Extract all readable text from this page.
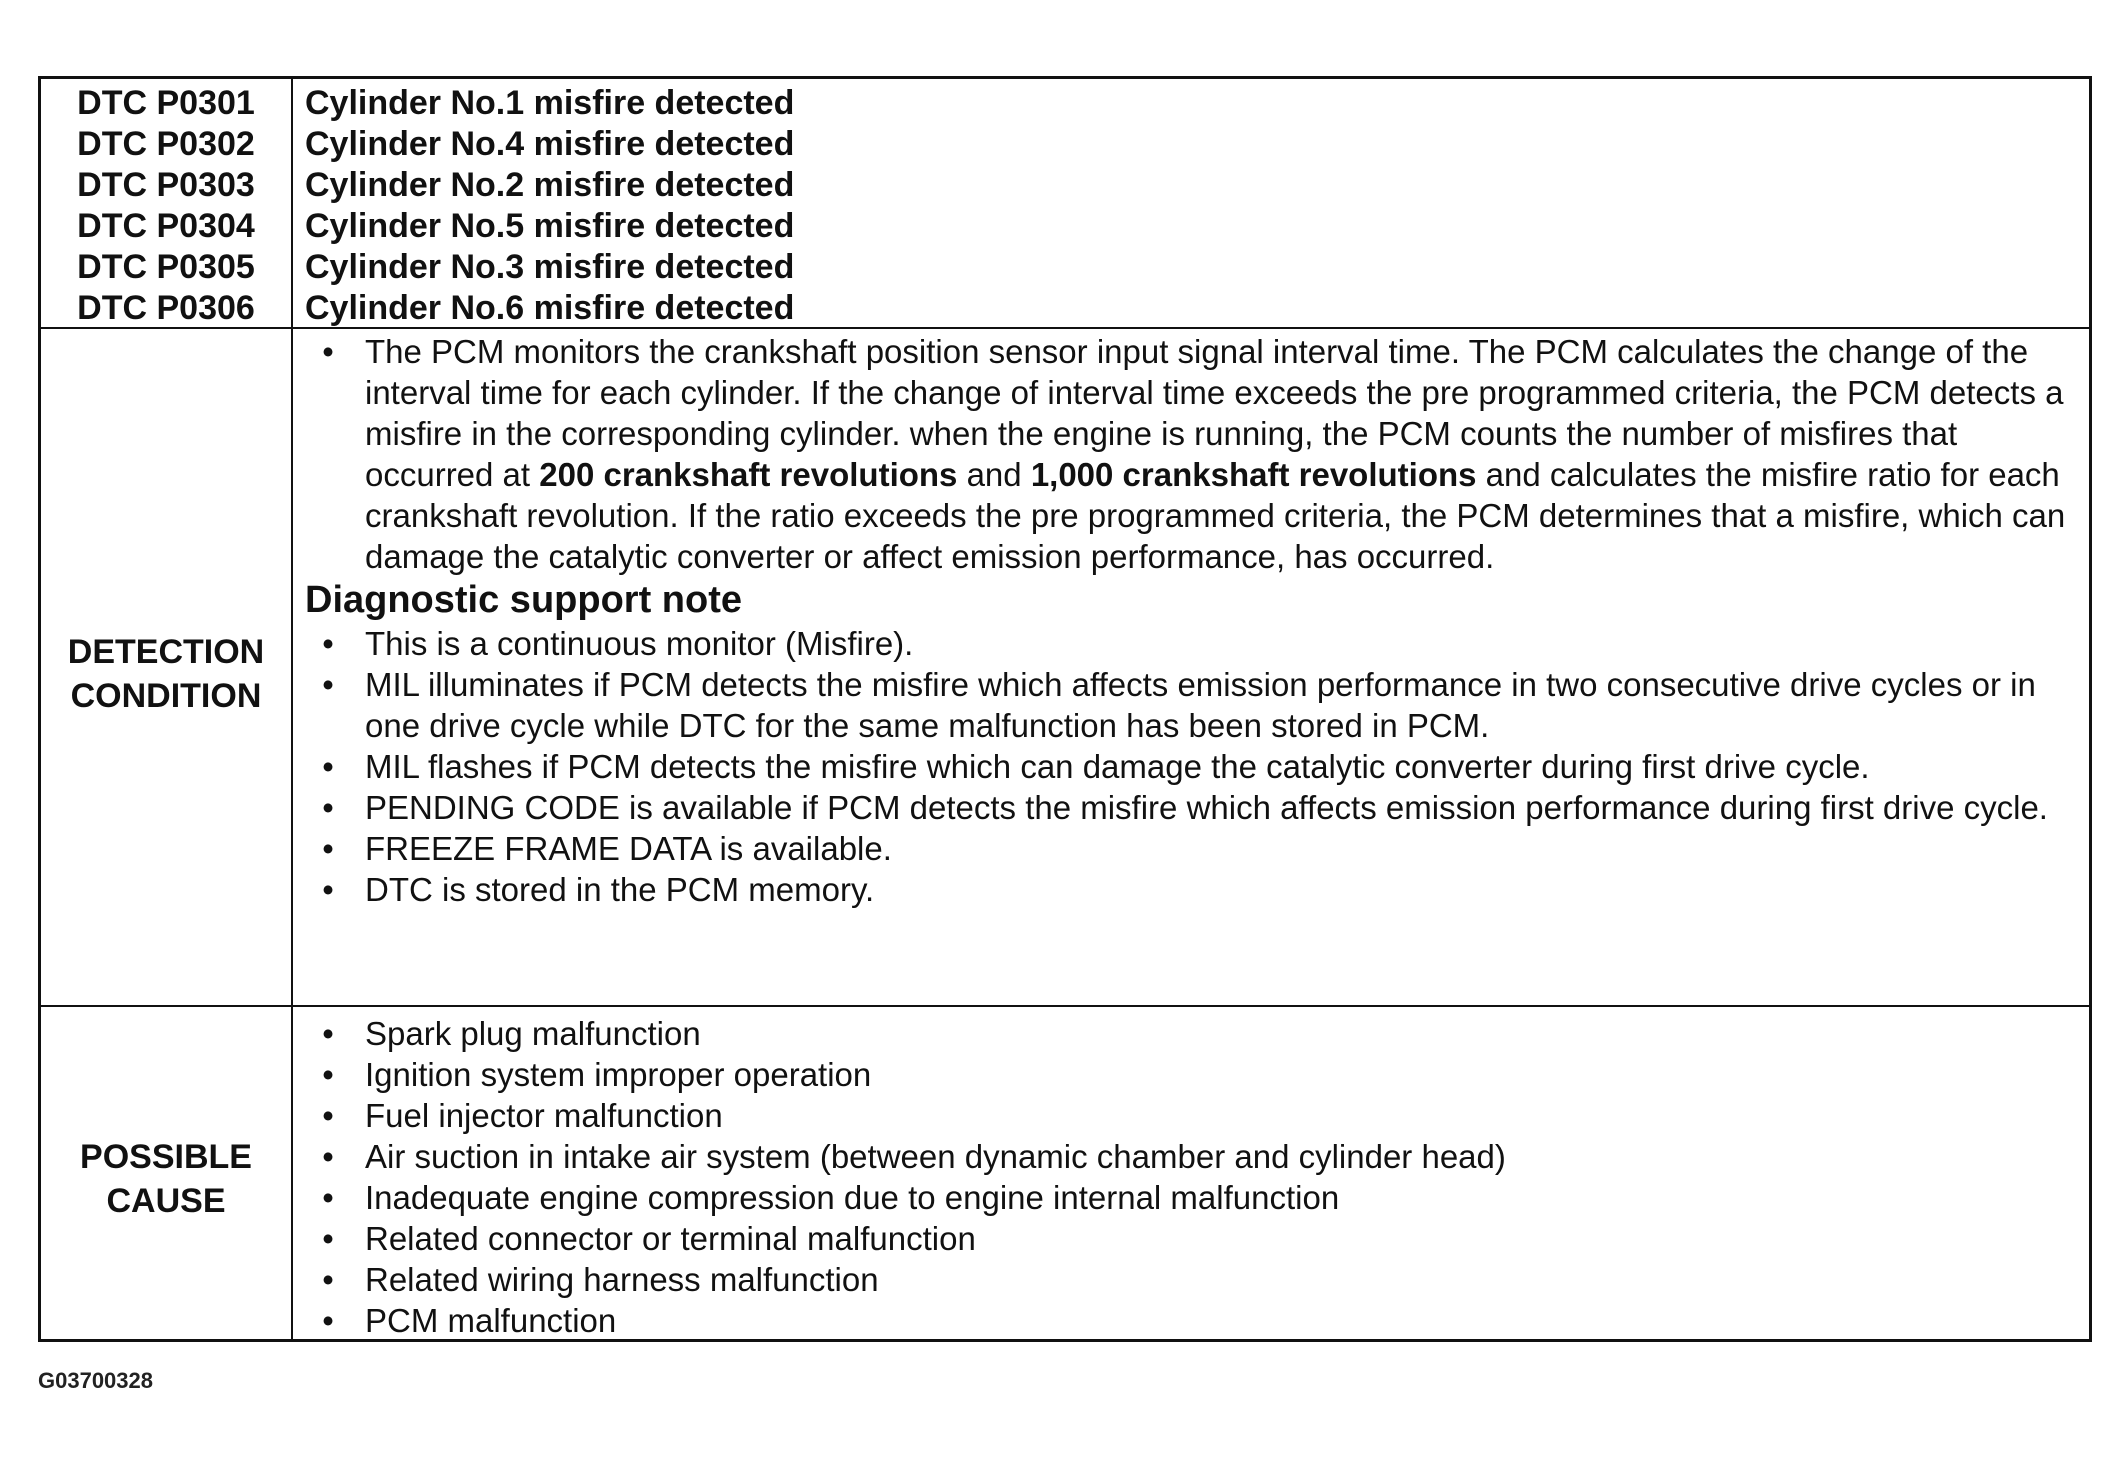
DTC P0301
DTC P0302
DTC P0303
DTC P0304
DTC P0305
DTC P0306
Cylinder No.1 misfire detected
Cylinder No.4 misfire detected
Cylinder No.2 misfire detected
Cylinder No.5 misfire detected
Cylinder No.3 misfire detected
Cylinder No.6 misfire detected
DETECTION
CONDITION
• The PCM monitors the crankshaft position sensor input signal interval time. The PCM calculates the change of the interval time for each cylinder. If the change of interval time exceeds the pre programmed criteria, the PCM detects a misfire in the corresponding cylinder. when the engine is running, the PCM counts the number of misfires that occurred at 200 crankshaft revolutions and 1,000 crankshaft revolutions and calculates the misfire ratio for each crankshaft revolution. If the ratio exceeds the pre programmed criteria, the PCM determines that a misfire, which can damage the catalytic converter or affect emission performance, has occurred.
Diagnostic support note
• This is a continuous monitor (Misfire).
• MIL illuminates if PCM detects the misfire which affects emission performance in two consecutive drive cycles or in one drive cycle while DTC for the same malfunction has been stored in PCM.
• MIL flashes if PCM detects the misfire which can damage the catalytic converter during first drive cycle.
• PENDING CODE is available if PCM detects the misfire which affects emission performance during first drive cycle.
• FREEZE FRAME DATA is available.
• DTC is stored in the PCM memory.
POSSIBLE
CAUSE
• Spark plug malfunction
• Ignition system improper operation
• Fuel injector malfunction
• Air suction in intake air system (between dynamic chamber and cylinder head)
• Inadequate engine compression due to engine internal malfunction
• Related connector or terminal malfunction
• Related wiring harness malfunction
• PCM malfunction
G03700328
